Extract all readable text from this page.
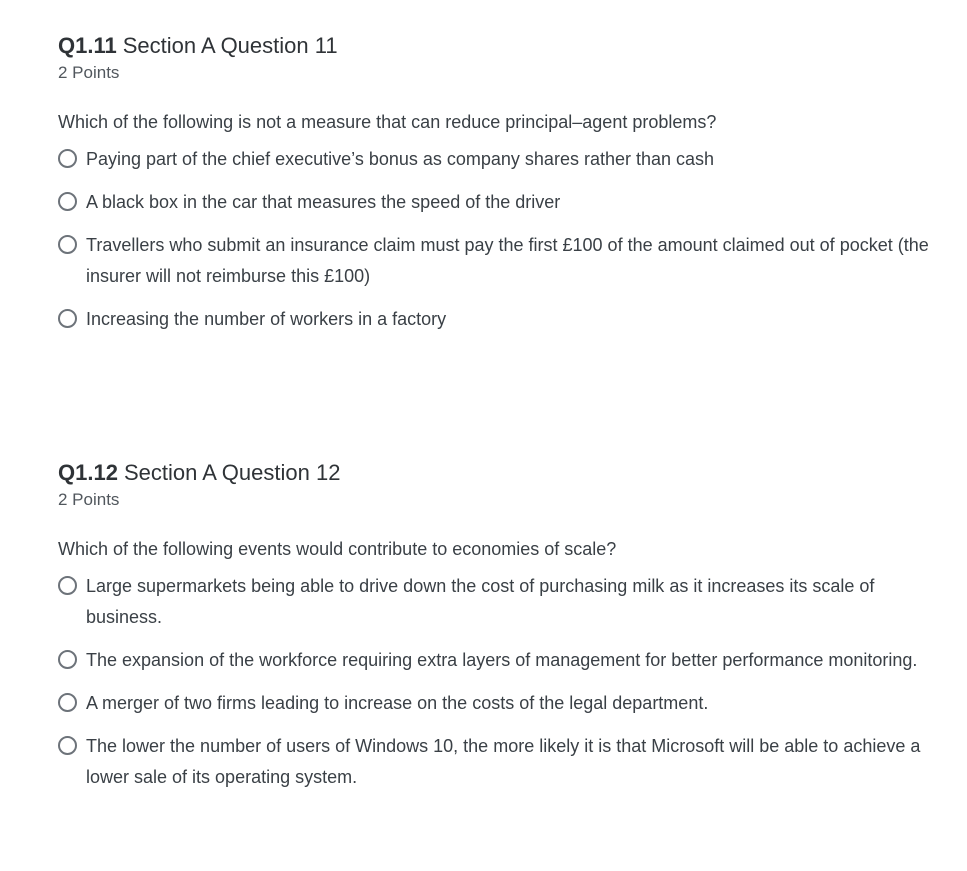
Q1.11 Section A Question 11
2 Points
Which of the following is not a measure that can reduce principal–agent problems?
Paying part of the chief executive’s bonus as company shares rather than cash
A black box in the car that measures the speed of the driver
Travellers who submit an insurance claim must pay the first £100 of the amount claimed out of pocket (the insurer will not reimburse this £100)
Increasing the number of workers in a factory
Q1.12 Section A Question 12
2 Points
Which of the following events would contribute to economies of scale?
Large supermarkets being able to drive down the cost of purchasing milk as it increases its scale of business.
The expansion of the workforce requiring extra layers of management for better performance monitoring.
A merger of two firms leading to increase on the costs of the legal department.
The lower the number of users of Windows 10, the more likely it is that Microsoft will be able to achieve a lower sale of its operating system.
